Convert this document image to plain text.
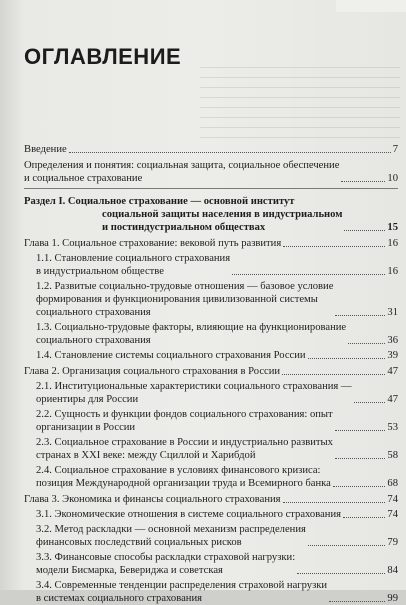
ОГЛАВЛЕНИЕ
Введение	7
Определения и понятия: социальная защита, социальное обеспечение
и социальное страхование	10
Раздел I. Социальное страхование — основной институт
социальной защиты населения в индустриальном
и постиндустриальном обществах	15
Глава 1. Социальное страхование: вековой путь развития	16
1.1. Становление социального страхования
в индустриальном обществе	16
1.2. Развитые социально-трудовые отношения — базовое условие
формирования и функционирования цивилизованной системы
социального страхования	31
1.3. Социально-трудовые факторы, влияющие на функционирование
социального страхования	36
1.4. Становление системы социального страхования России	39
Глава 2. Организация социального страхования в России	47
2.1. Институциональные характеристики социального страхования —
ориентиры для России	47
2.2. Сущность и функции фондов социального страхования: опыт
организации в России	53
2.3. Социальное страхование в России и индустриально развитых
странах в XXI веке: между Сциллой и Харибдой	58
2.4. Социальное страхование в условиях финансового кризиса:
позиция Международной организации труда и Всемирного банка	68
Глава 3. Экономика и финансы социального страхования	74
3.1. Экономические отношения в системе социального страхования	74
3.2. Метод раскладки — основной механизм распределения
финансовых последствий социальных рисков	79
3.3. Финансовые способы раскладки страховой нагрузки:
модели Бисмарка, Бевериджа и советская	84
3.4. Современные тенденции распределения страховой нагрузки
в системах социального страхования	99
